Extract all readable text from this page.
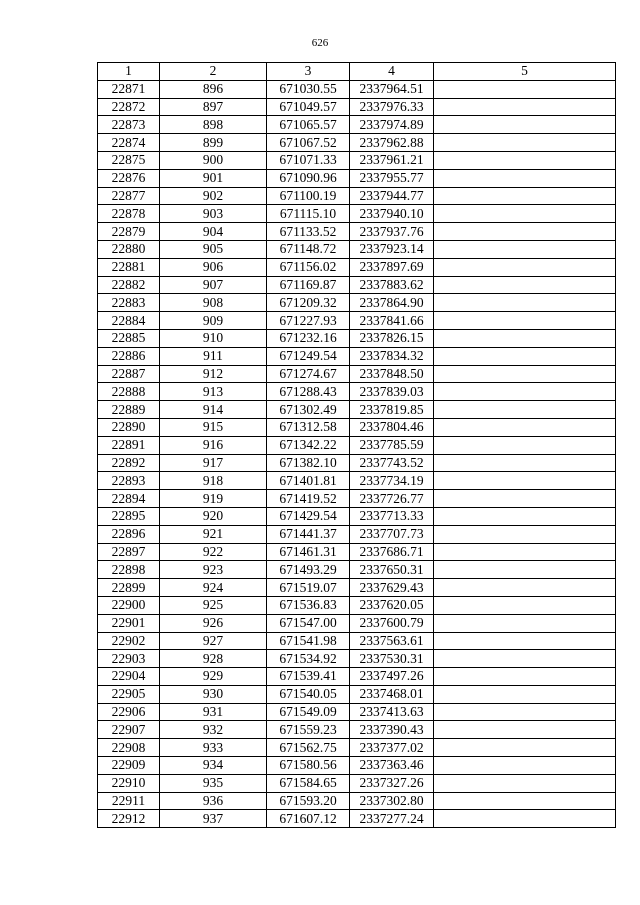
626
1	2	3	4	5
22871	896	671030.55	2337964.51	
22872	897	671049.57	2337976.33	
22873	898	671065.57	2337974.89	
22874	899	671067.52	2337962.88	
22875	900	671071.33	2337961.21	
22876	901	671090.96	2337955.77	
22877	902	671100.19	2337944.77	
22878	903	671115.10	2337940.10	
22879	904	671133.52	2337937.76	
22880	905	671148.72	2337923.14	
22881	906	671156.02	2337897.69	
22882	907	671169.87	2337883.62	
22883	908	671209.32	2337864.90	
22884	909	671227.93	2337841.66	
22885	910	671232.16	2337826.15	
22886	911	671249.54	2337834.32	
22887	912	671274.67	2337848.50	
22888	913	671288.43	2337839.03	
22889	914	671302.49	2337819.85	
22890	915	671312.58	2337804.46	
22891	916	671342.22	2337785.59	
22892	917	671382.10	2337743.52	
22893	918	671401.81	2337734.19	
22894	919	671419.52	2337726.77	
22895	920	671429.54	2337713.33	
22896	921	671441.37	2337707.73	
22897	922	671461.31	2337686.71	
22898	923	671493.29	2337650.31	
22899	924	671519.07	2337629.43	
22900	925	671536.83	2337620.05	
22901	926	671547.00	2337600.79	
22902	927	671541.98	2337563.61	
22903	928	671534.92	2337530.31	
22904	929	671539.41	2337497.26	
22905	930	671540.05	2337468.01	
22906	931	671549.09	2337413.63	
22907	932	671559.23	2337390.43	
22908	933	671562.75	2337377.02	
22909	934	671580.56	2337363.46	
22910	935	671584.65	2337327.26	
22911	936	671593.20	2337302.80	
22912	937	671607.12	2337277.24	
